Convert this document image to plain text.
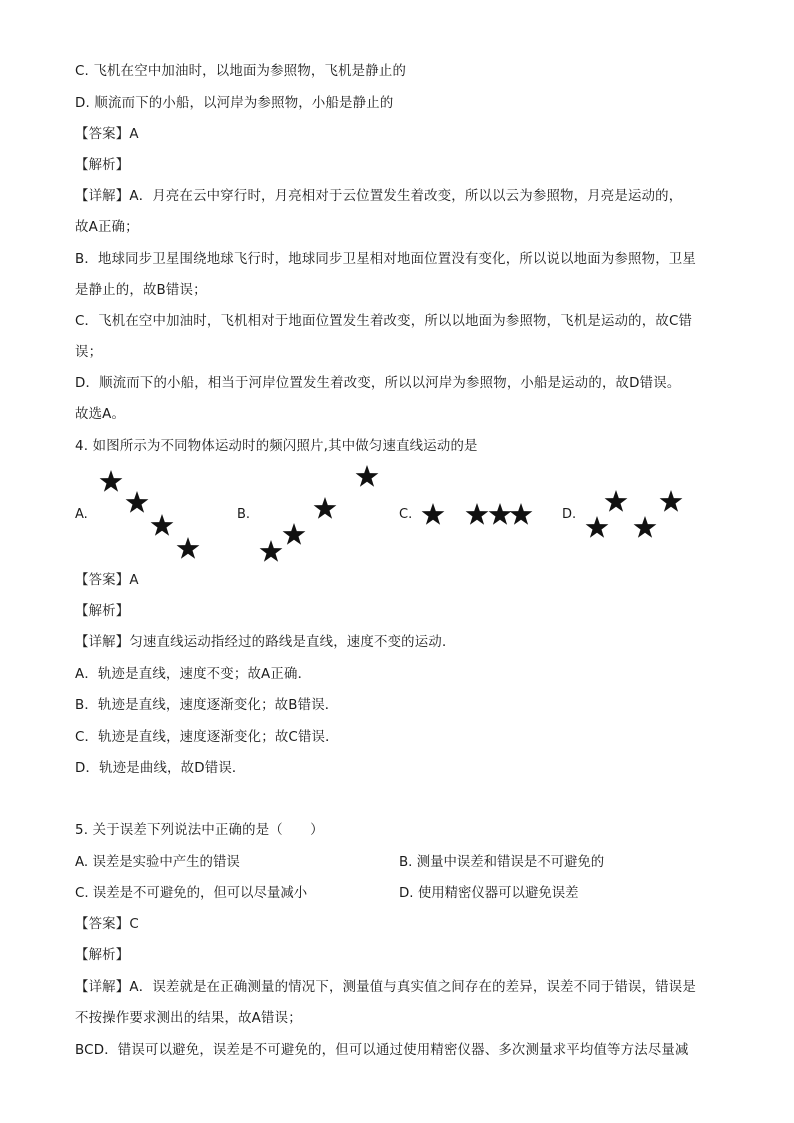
C. 飞机在空中加油时，以地面为参照物，飞机是静止的
D. 顺流而下的小船，以河岸为参照物，小船是静止的
【答案】A
【解析】
【详解】A．月亮在云中穿行时，月亮相对于云位置发生着改变，所以以云为参照物，月亮是运动的，
故A正确；
B．地球同步卫星围绕地球飞行时，地球同步卫星相对地面位置没有变化，所以说以地面为参照物，卫星
是静止的，故B错误；
C．飞机在空中加油时，飞机相对于地面位置发生着改变，所以以地面为参照物，飞机是运动的，故C错
误；
D．顺流而下的小船，相当于河岸位置发生着改变，所以以河岸为参照物，小船是运动的，故D错误。
故选A。
4. 如图所示为不同物体运动时的频闪照片,其中做匀速直线运动的是
A.	B.	C.	D.
【答案】A
【解析】
【详解】匀速直线运动指经过的路线是直线，速度不变的运动．
A．轨迹是直线，速度不变；故A正确．
B．轨迹是直线，速度逐渐变化；故B错误．
C．轨迹是直线，速度逐渐变化；故C错误．
D．轨迹是曲线，故D错误．
5. 关于误差下列说法中正确的是（　　）
A. 误差是实验中产生的错误	B. 测量中误差和错误是不可避免的
C. 误差是不可避免的，但可以尽量减小	D. 使用精密仪器可以避免误差
【答案】C
【解析】
【详解】A．误差就是在正确测量的情况下，测量值与真实值之间存在的差异，误差不同于错误，错误是
不按操作要求测出的结果，故A错误；
BCD．错误可以避免，误差是不可避免的，但可以通过使用精密仪器、多次测量求平均值等方法尽量减
